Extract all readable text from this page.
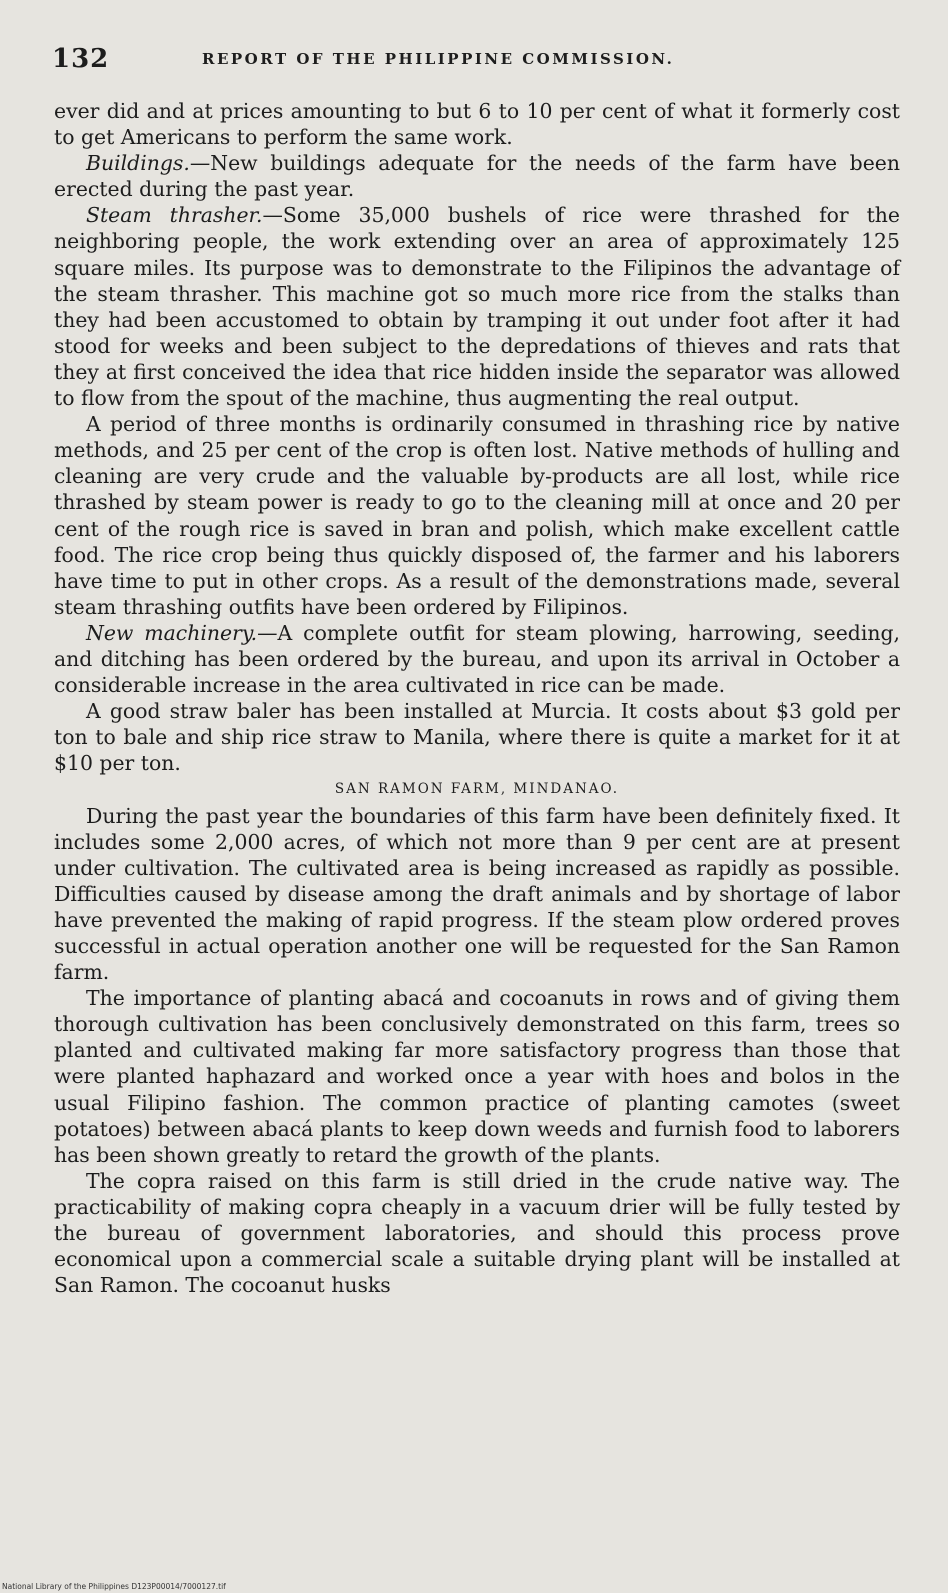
132	REPORT OF THE PHILIPPINE COMMISSION.

ever did and at prices amounting to but 6 to 10 per cent of what it formerly cost to get Americans to perform the same work.

Buildings.—New buildings adequate for the needs of the farm have been erected during the past year.

Steam thrasher.—Some 35,000 bushels of rice were thrashed for the neighboring people, the work extending over an area of approximately 125 square miles. Its purpose was to demonstrate to the Filipinos the advantage of the steam thrasher. This machine got so much more rice from the stalks than they had been accustomed to obtain by tramping it out under foot after it had stood for weeks and been subject to the depredations of thieves and rats that they at first conceived the idea that rice hidden inside the separator was allowed to flow from the spout of the machine, thus augmenting the real output.

A period of three months is ordinarily consumed in thrashing rice by native methods, and 25 per cent of the crop is often lost. Native methods of hulling and cleaning are very crude and the valuable by-products are all lost, while rice thrashed by steam power is ready to go to the cleaning mill at once and 20 per cent of the rough rice is saved in bran and polish, which make excellent cattle food. The rice crop being thus quickly disposed of, the farmer and his laborers have time to put in other crops. As a result of the demonstrations made, several steam thrashing outfits have been ordered by Filipinos.

New machinery.—A complete outfit for steam plowing, harrowing, seeding, and ditching has been ordered by the bureau, and upon its arrival in October a considerable increase in the area cultivated in rice can be made.

A good straw baler has been installed at Murcia. It costs about $3 gold per ton to bale and ship rice straw to Manila, where there is quite a market for it at $10 per ton.

SAN RAMON FARM, MINDANAO.

During the past year the boundaries of this farm have been definitely fixed. It includes some 2,000 acres, of which not more than 9 per cent are at present under cultivation. The cultivated area is being increased as rapidly as possible. Difficulties caused by disease among the draft animals and by shortage of labor have prevented the making of rapid progress. If the steam plow ordered proves successful in actual operation another one will be requested for the San Ramon farm.

The importance of planting abacá and cocoanuts in rows and of giving them thorough cultivation has been conclusively demonstrated on this farm, trees so planted and cultivated making far more satisfactory progress than those that were planted haphazard and worked once a year with hoes and bolos in the usual Filipino fashion. The common practice of planting camotes (sweet potatoes) between abacá plants to keep down weeds and furnish food to laborers has been shown greatly to retard the growth of the plants.

The copra raised on this farm is still dried in the crude native way. The practicability of making copra cheaply in a vacuum drier will be fully tested by the bureau of government laboratories, and should this process prove economical upon a commercial scale a suitable drying plant will be installed at San Ramon. The cocoanut husks

National Library of the Philippines D123P00014/7000127.tif
